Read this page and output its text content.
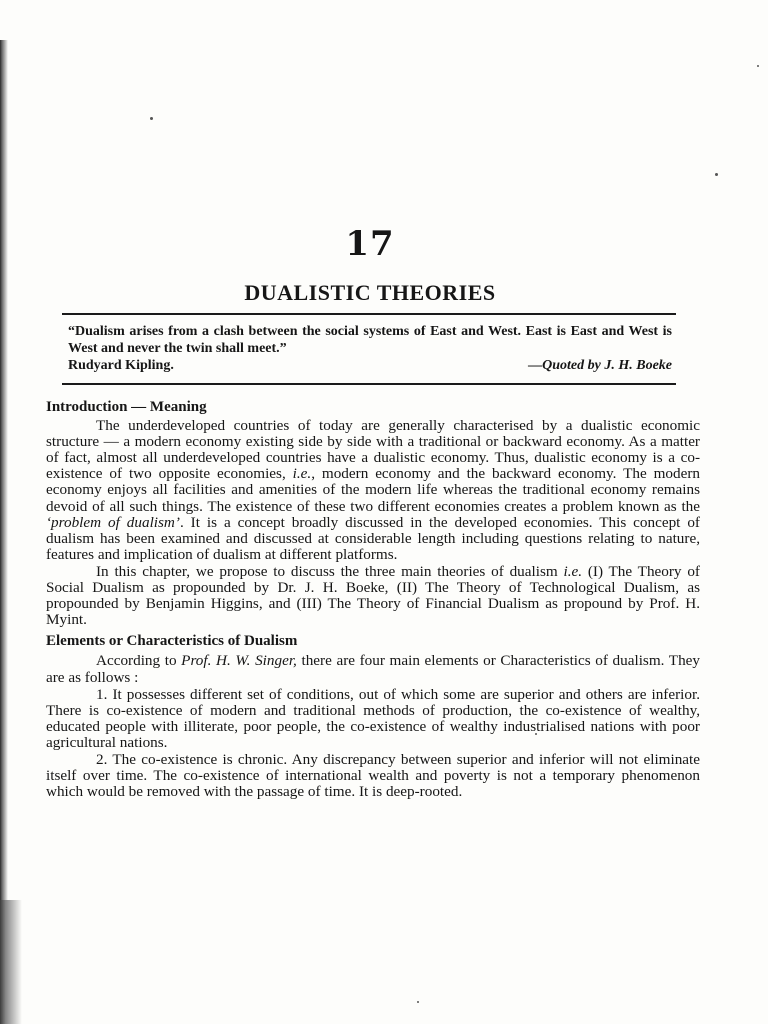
17
DUALISTIC THEORIES
“Dualism arises from a clash between the social systems of East and West. East is East and West is West and never the twin shall meet.”
Rudyard Kipling.	—Quoted by J. H. Boeke
Introduction — Meaning

The underdeveloped countries of today are generally characterised by a dualistic economic structure — a modern economy existing side by side with a traditional or backward economy. As a matter of fact, almost all underdeveloped countries have a dualistic economy. Thus, dualistic economy is a co-existence of two opposite economies, i.e., modern economy and the backward economy. The modern economy enjoys all facilities and amenities of the modern life whereas the traditional economy remains devoid of all such things. The existence of these two different economies creates a problem known as the ‘problem of dualism’. It is a concept broadly discussed in the developed economies. This concept of dualism has been examined and discussed at considerable length including questions relating to nature, features and implication of dualism at different platforms.

In this chapter, we propose to discuss the three main theories of dualism i.e. (I) The Theory of Social Dualism as propounded by Dr. J. H. Boeke, (II) The Theory of Technological Dualism, as propounded by Benjamin Higgins, and (III) The Theory of Financial Dualism as propound by Prof. H. Myint.

Elements or Characteristics of Dualism

According to Prof. H. W. Singer, there are four main elements or Characteristics of dualism. They are as follows :

1. It possesses different set of conditions, out of which some are superior and others are inferior. There is co-existence of modern and traditional methods of production, the co-existence of wealthy, educated people with illiterate, poor people, the co-existence of wealthy industrialised nations with poor agricultural nations.

2. The co-existence is chronic. Any discrepancy between superior and inferior will not eliminate itself over time. The co-existence of international wealth and poverty is not a temporary phenomenon which would be removed with the passage of time. It is deep-rooted.
